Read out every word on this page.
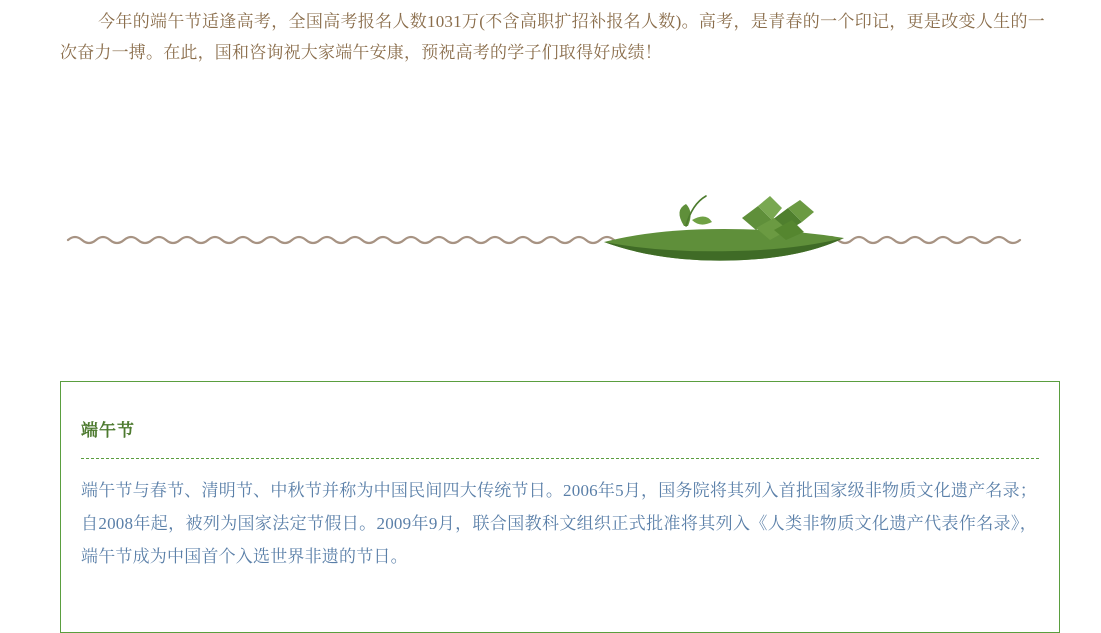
今年的端午节适逢高考，全国高考报名人数1031万(不含高职扩招补报名人数)。高考，是青春的一个印记，更是改变人生的一次奋力一搏。在此，国和咨询祝大家端午安康，预祝高考的学子们取得好成绩！
端午节
端午节与春节、清明节、中秋节并称为中国民间四大传统节日。2006年5月，国务院将其列入首批国家级非物质文化遗产名录；自2008年起，被列为国家法定节假日。2009年9月，联合国教科文组织正式批准将其列入《人类非物质文化遗产代表作名录》，端午节成为中国首个入选世界非遗的节日。
